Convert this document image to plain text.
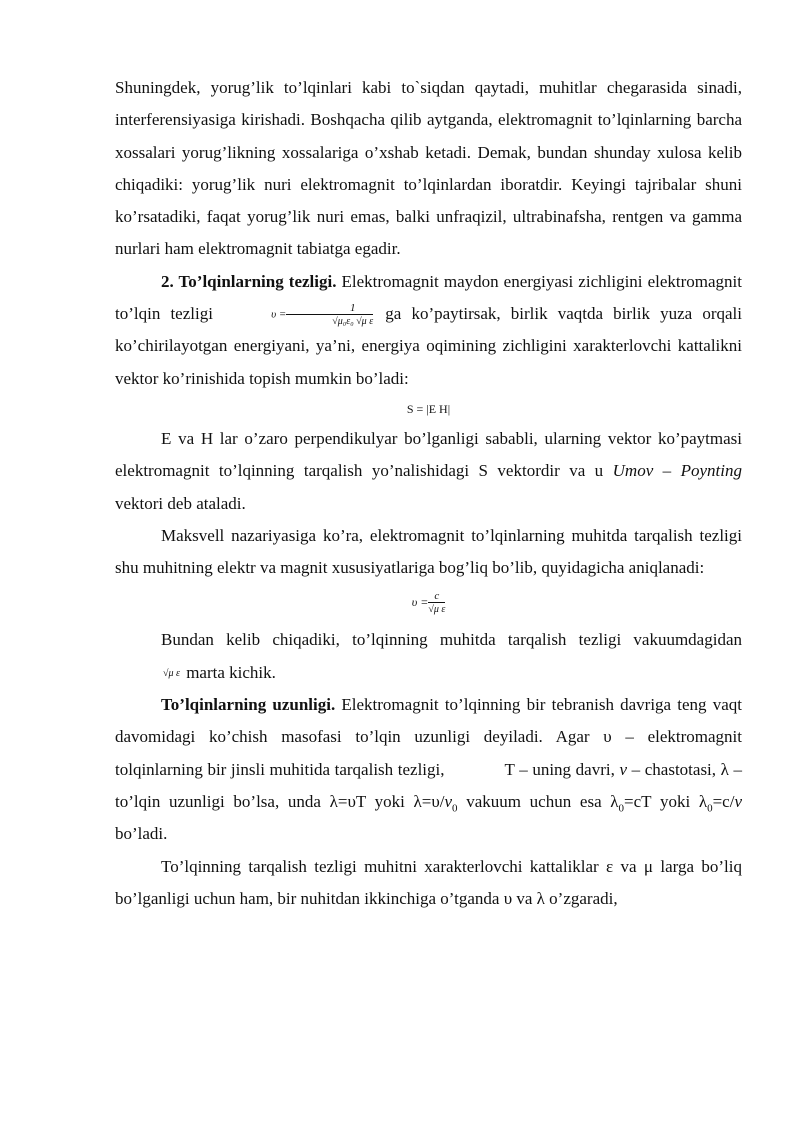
Shuningdek, yorug’lik to’lqinlari kabi to`siqdan qaytadi, muhitlar chegarasida sinadi, interferensiyasiga kirishadi. Boshqacha qilib aytganda, elektromagnit to’lqinlarning barcha xossalari yorug’likning xossalariga o’xshab ketadi. Demak, bundan shunday xulosa kelib chiqadiki: yorug’lik nuri elektromagnit to’lqinlardan iboratdir. Keyingi tajribalar shuni ko’rsatadiki, faqat yorug’lik nuri emas, balki unfraqizil, ultrabinafsha, rentgen va gamma nurlari ham elektromagnit tabiatga egadir.

2. To’lqinlarning tezligi. Elektromagnit maydon energiyasi zichligini elektromagnit to’lqin tezligi	$\upsilon = \frac{1}{\text{√μ₀ε₀ √μ ε}}$ ga ko’paytirsak, birlik vaqtda birlik yuza orqali ko’chirilayotgan energiyani, ya’ni, energiya oqimining zichligini xarakterlovchi kattalikni vektor ko’rinishida topish mumkin bo’ladi:

S = |E H|

E va H lar o’zaro perpendikulyar bo’lganligi sababli, ularning vektor ko’paytmasi elektromagnit to’lqinning tarqalish yo’nalishidagi S vektordir va u Umov – Poynting vektori deb ataladi.

Maksvell nazariyasiga ko’ra, elektromagnit to’lqinlarning muhitda tarqalish tezligi shu muhitning elektr va magnit xususiyatlariga bog’liq bo’lib, quyidagicha aniqlanadi:

$\upsilon = \frac{c}{\text{√μ ε}}$

Bundan kelib chiqadiki, to’lqinning muhitda tarqalish tezligi vakuumdagidan √μ ε marta kichik.

To’lqinlarning uzunligi. Elektromagnit to’lqinning bir tebranish davriga teng vaqt davomidagi ko’chish masofasi to’lqin uzunligi deyiladi. Agar υ – elektromagnit tolqinlarning bir jinsli muhitida tarqalish tezligi,	T – uning davri, ν – chastotasi, λ – to’lqin uzunligi bo’lsa, unda λ=υT yoki $\lambda=\upsilon/\nu_0$ vakuum uchun esa $\lambda_0=cT$ yoki $\lambda_0=c/\nu$ bo’ladi.

To’lqinning tarqalish tezligi muhitni xarakterlovchi kattaliklar ε va μ larga bo’liq bo’lganligi uchun ham, bir nuhitdan ikkinchiga o’tganda υ va λ o’zgaradi,
